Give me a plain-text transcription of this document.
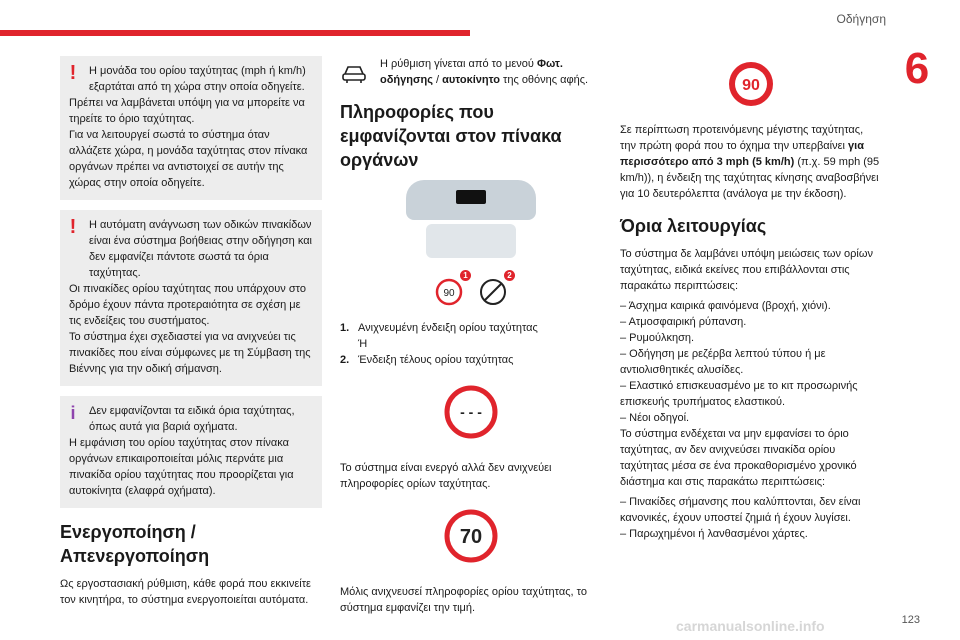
Οδήγηση
6

!	Η μονάδα του ορίου ταχύτητας (mph ή km/h) εξαρτάται από τη χώρα στην οποία οδηγείτε.

Πρέπει να λαμβάνεται υπόψη για να μπορείτε να τηρείτε το όριο ταχύτητας.

Για να λειτουργεί σωστά το σύστημα όταν αλλάζετε χώρα, η μονάδα ταχύτητας στον πίνακα οργάνων πρέπει να αντιστοιχεί σε αυτήν της χώρας στην οποία οδηγείτε.

!	Η αυτόματη ανάγνωση των οδικών πινακίδων είναι ένα σύστημα βοήθειας στην οδήγηση και δεν εμφανίζει πάντοτε σωστά τα όρια ταχύτητας.

Οι πινακίδες ορίου ταχύτητας που υπάρχουν στο δρόμο έχουν πάντα προτεραιότητα σε σχέση με τις ενδείξεις του συστήματος.

Το σύστημα έχει σχεδιαστεί για να ανιχνεύει τις πινακίδες που είναι σύμφωνες με τη Σύμβαση της Βιέννης για την οδική σήμανση.

i	Δεν εμφανίζονται τα ειδικά όρια ταχύτητας, όπως αυτά για βαριά οχήματα.

Η εμφάνιση του ορίου ταχύτητας στον πίνακα οργάνων επικαιροποιείται μόλις περνάτε μια πινακίδα ορίου ταχύτητας που προορίζεται για αυτοκίνητα (ελαφρά οχήματα).

Ενεργοποίηση / Απενεργοποίηση

Ως εργοστασιακή ρύθμιση, κάθε φορά που εκκινείτε τον κινητήρα, το σύστημα ενεργοποιείται αυτόματα.

Η ρύθμιση γίνεται από το μενού Φωτ. οδήγησης / αυτοκίνητο της οθόνης αφής.
Πληροφορίες που εμφανίζονται στον πίνακα οργάνων
90
1	2
1. Ανιχνευμένη ένδειξη ορίου ταχύτητας
Ή
2. Ένδειξη τέλους ορίου ταχύτητας
- - -

Το σύστημα είναι ενεργό αλλά δεν ανιχνεύει πληροφορίες ορίων ταχύτητας.

70

Μόλις ανιχνευσεί πληροφορίες ορίου ταχύτητας, το σύστημα εμφανίζει την τιμή.

90

Σε περίπτωση προτεινόμενης μέγιστης ταχύτητας, την πρώτη φορά που το όχημα την υπερβαίνει για περισσότερο από 3 mph (5 km/h) (π.χ. 59 mph (95 km/h)), η ένδειξη της ταχύτητας κίνησης αναβοσβήνει για 10 δευτερόλεπτα (ανάλογα με την έκδοση).

Όρια λειτουργίας

Το σύστημα δε λαμβάνει υπόψη μειώσεις των ορίων ταχύτητας, ειδικά εκείνες που επιβάλλονται στις παρακάτω περιπτώσεις:

– Άσχημα καιρικά φαινόμενα (βροχή, χιόνι).
– Ατμοσφαιρική ρύπανση.
– Ρυμούλκηση.
– Οδήγηση με ρεζέρβα λεπτού τύπου ή με αντιολισθητικές αλυσίδες.
– Ελαστικό επισκευασμένο με το κιτ προσωρινής επισκευής τρυπήματος ελαστικού.
– Νέοι οδηγοί.

Το σύστημα ενδέχεται να μην εμφανίσει το όριο ταχύτητας, αν δεν ανιχνεύσει πινακίδα ορίου ταχύτητας μέσα σε ένα προκαθορισμένο χρονικό διάστημα και στις παρακάτω περιπτώσεις:

– Πινακίδες σήμανσης που καλύπτονται, δεν είναι κανονικές, έχουν υποστεί ζημιά ή έχουν λυγίσει.
– Παρωχημένοι ή λανθασμένοι χάρτες.
carmanualsonline.info	123
